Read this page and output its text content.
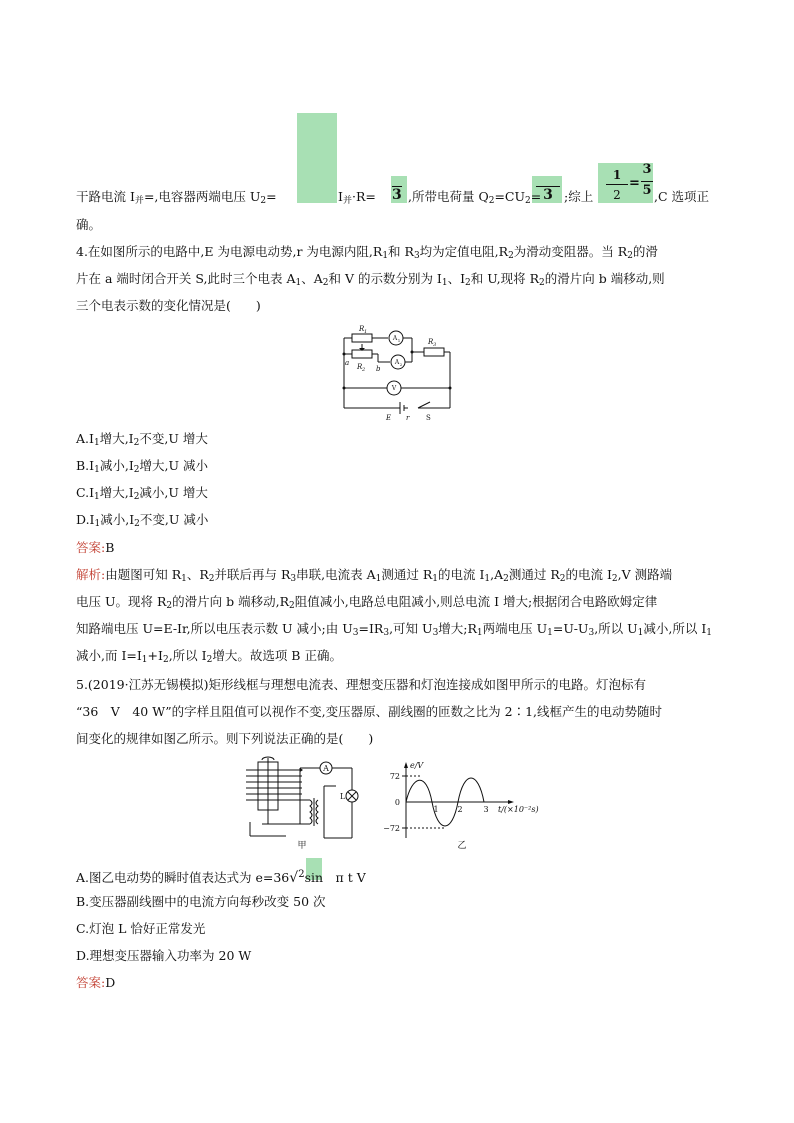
干路电流 $I_并=$,电容器两端电压 $U_2=$	$I_并\cdot R= 3$ ,所带电荷量 $Q_2=CU_2= 3$ ;综上
1
2
=
3
5 ,C 选项正
确。
4.在如图所示的电路中,E 为电源电动势,r 为电源内阻$,R_1$和 $R_3$均为定值电阻$,R_2$为滑动变阻器。当 $R_2$的滑
片在 a 端时闭合开关 S,此时三个电表 $A_1$、$A_2$和 V 的示数分别为 $I_1$、$I_2$和 U,现将 $R_2$的滑片向 b 端移动,则
三个电表示数的变化情况是(　　)
R 1
R 2
R 3
a
b
E r
A 1
A 2
V
S
$A.I_1$增大$,I_2$不变,U 增大
$B.I_1$减小$,I_2$增大,U 减小
$C.I_1$增大$,I_2$减小,U 增大
$D.I_1$减小$,I_2$不变,U 减小
答案:B
解析:由题图可知 $R_1$、$R_2$并联后再与 $R_3$串联,电流表 $A_1$测通过 $R_1$的电流 $I_1,A_2$测通过 $R_2$的电流 $I_2,V$ 测路端
电压 U。现将 $R_2$的滑片向 b 端移动$,R_2$阻值减小,电路总电阻减小,则总电流 I 增大;根据闭合电路欧姆定律
知路端电压 U=E-Ir,所以电压表示数 U 减小;由 $U_3=IR_3$,可知 $U_3$增大$;R_1$两端电压 $U_1=U-U_3$,所以 $U_1$减小,所以 $I_1$
减小,而 $I=I_1+I_2$,所以 $I_2$增大。故选项 B 正确。
5.(2019·江苏无锡模拟)矩形线框与理想电流表、理想变压器和灯泡连接成如图甲所示的电路。灯泡标有
“36　V　40 W”的字样且阻值可以视作不变,变压器原、副线圈的匝数之比为 2∶1,线框产生的电动势随时
间变化的规律如图乙所示。则下列说法正确的是(　　)
A
L
甲
e/V
t/(×10⁻²s)
72
0
−72
1 2	3
乙
A.图乙电动势的瞬时值表达式为 e=36√$^2$sin　π t V
B.变压器副线圈中的电流方向每秒改变 50 次
C.灯泡 L 恰好正常发光
D.理想变压器输入功率为 20 W
答案:D
